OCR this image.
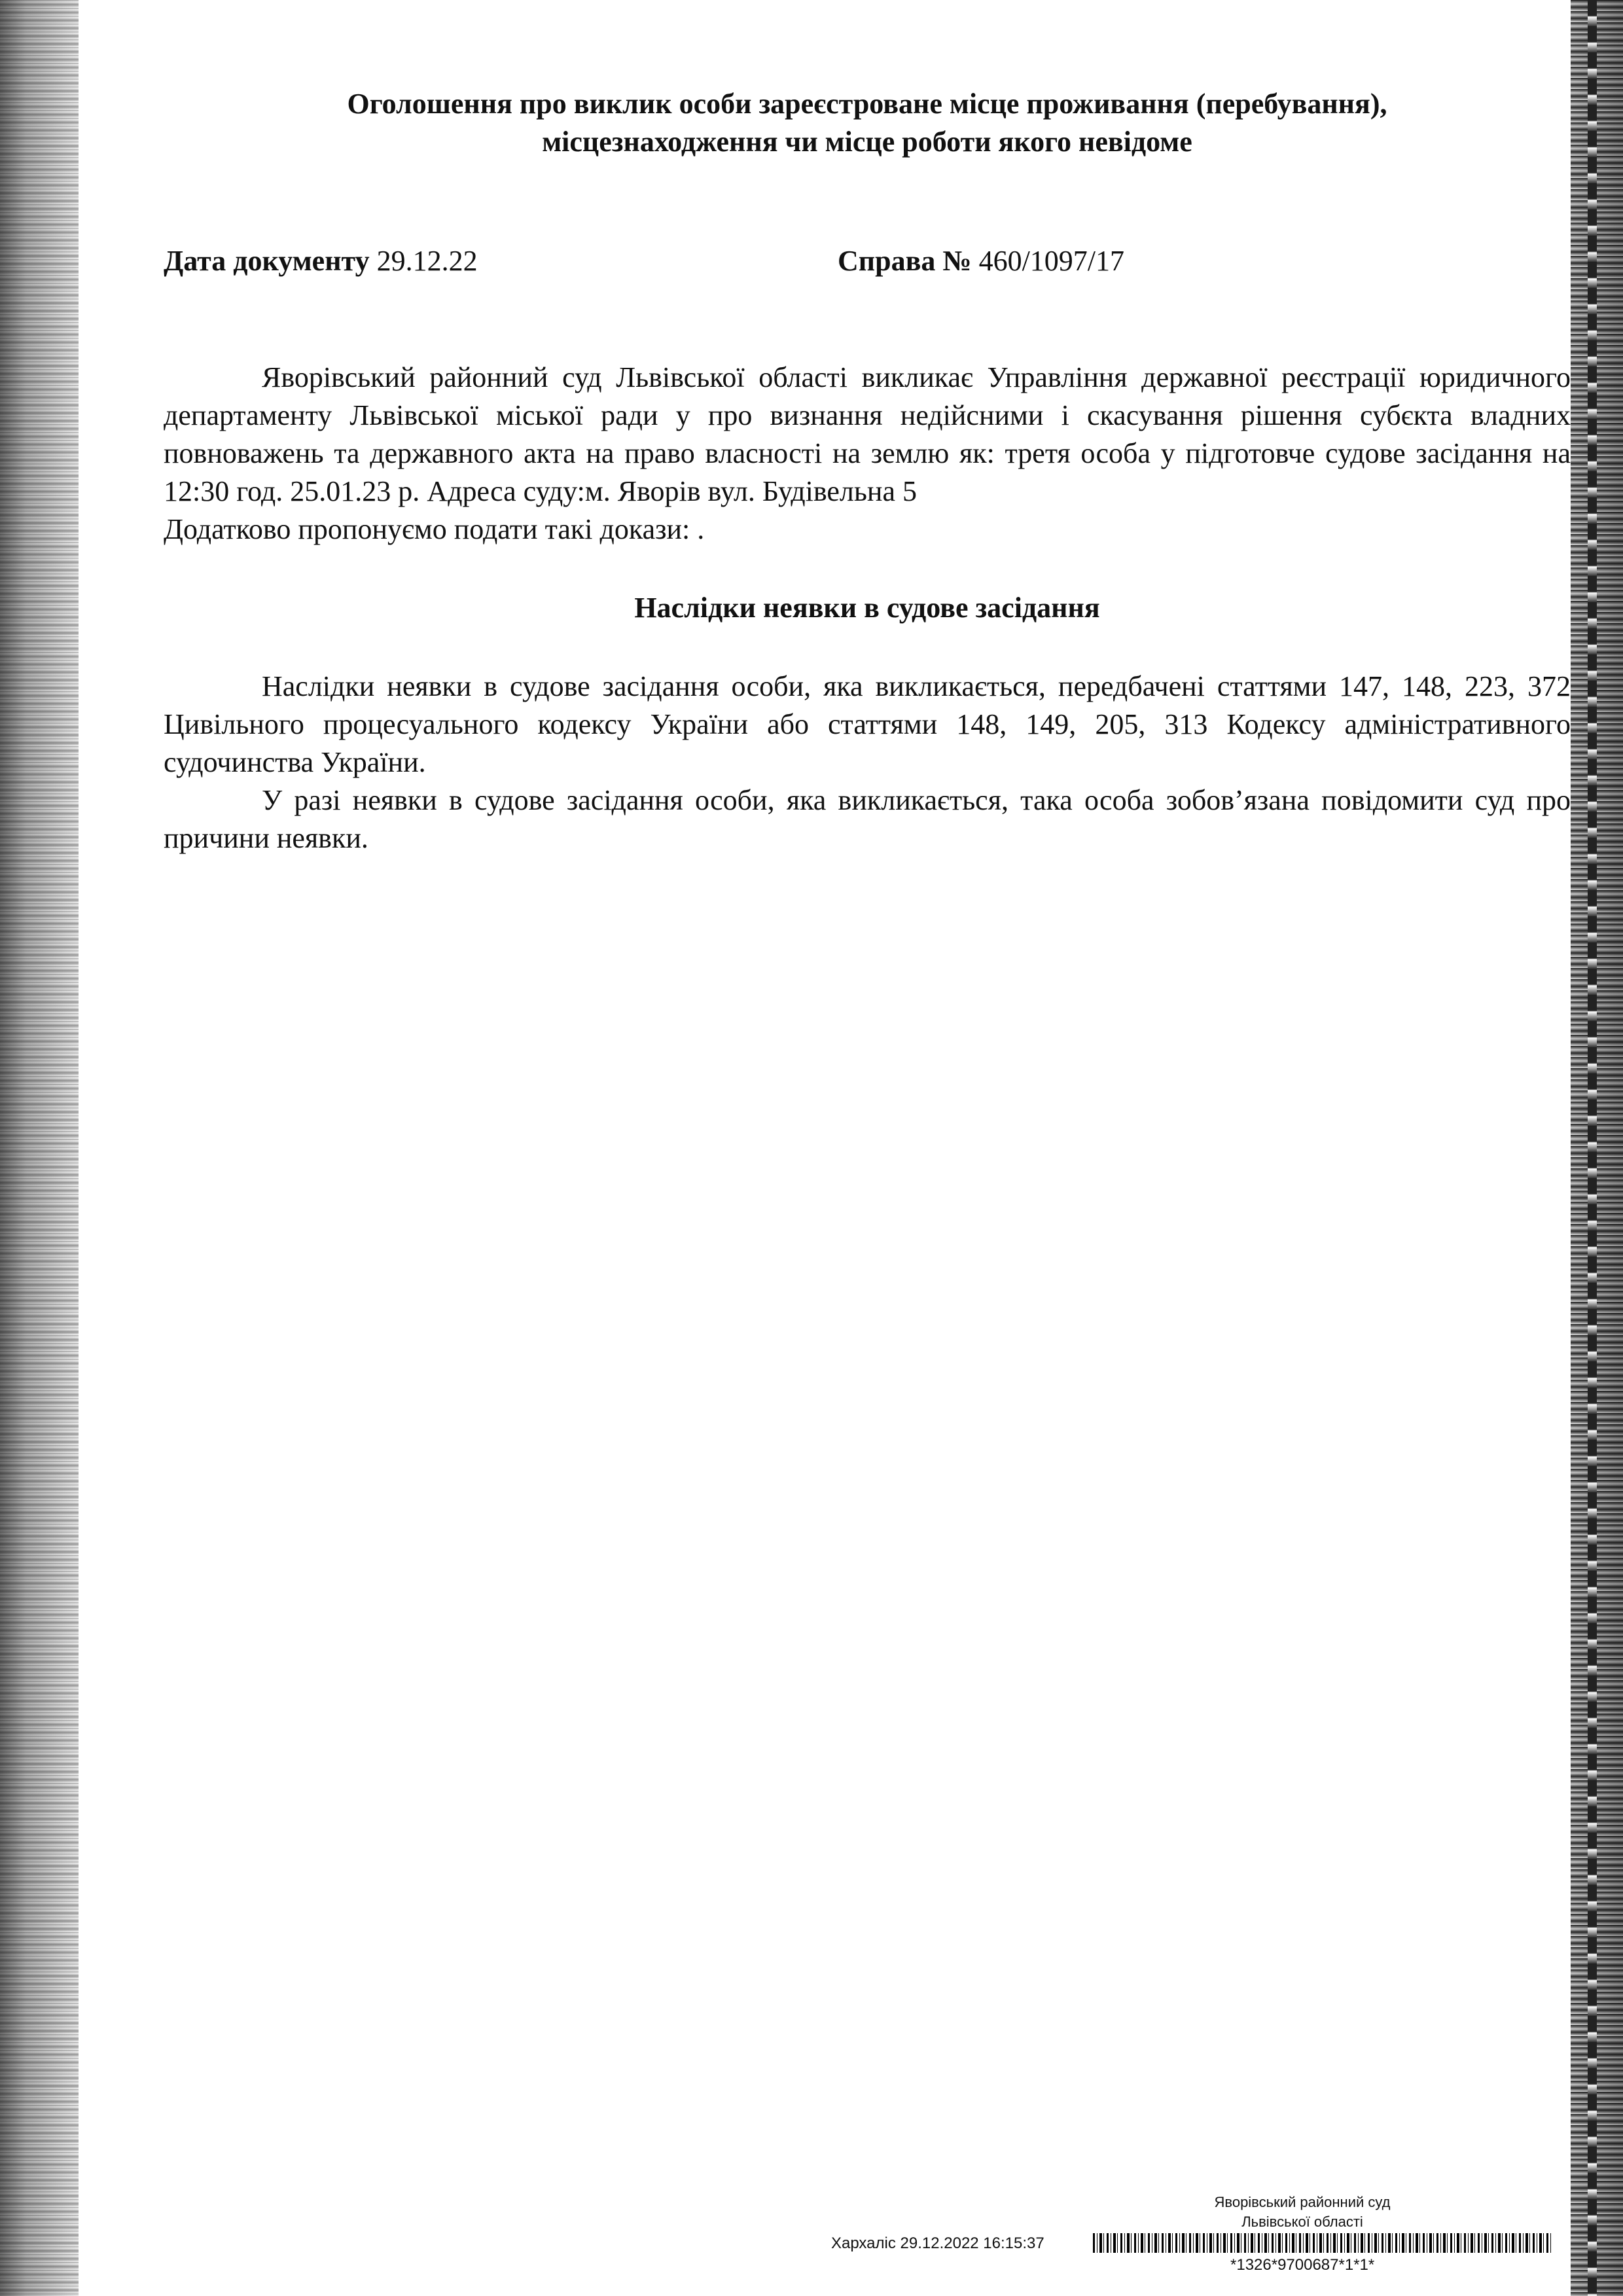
Оголошення про виклик особи зареєстроване місце проживання (перебування),
місцезнаходження чи місце роботи якого невідоме
Дата документу 29.12.22	Справа № 460/1097/17

Яворівський районний суд Львівської області викликає Управління державної реєстрації юридичного департаменту Львівської міської ради у про визнання недійсними і скасування рішення субєкта владних повноважень та державного акта на право власності на землю як: третя особа у підготовче судове засідання на 12:30 год. 25.01.23 р. Адреса суду:м. Яворів вул. Будівельна 5

Додатково пропонуємо подати такі докази: .

Наслідки неявки в судове засідання

Наслідки неявки в судове засідання особи, яка викликається, передбачені статтями 147, 148, 223, 372 Цивільного процесуального кодексу України або статтями 148, 149, 205, 313 Кодексу адміністративного судочинства України.

У разі неявки в судове засідання особи, яка викликається, така особа зобов’язана повідомити суд про причини неявки.

Яворівський районний суд
Львівської області
Хархаліс 29.12.2022 16:15:37
*1326*9700687*1*1*
